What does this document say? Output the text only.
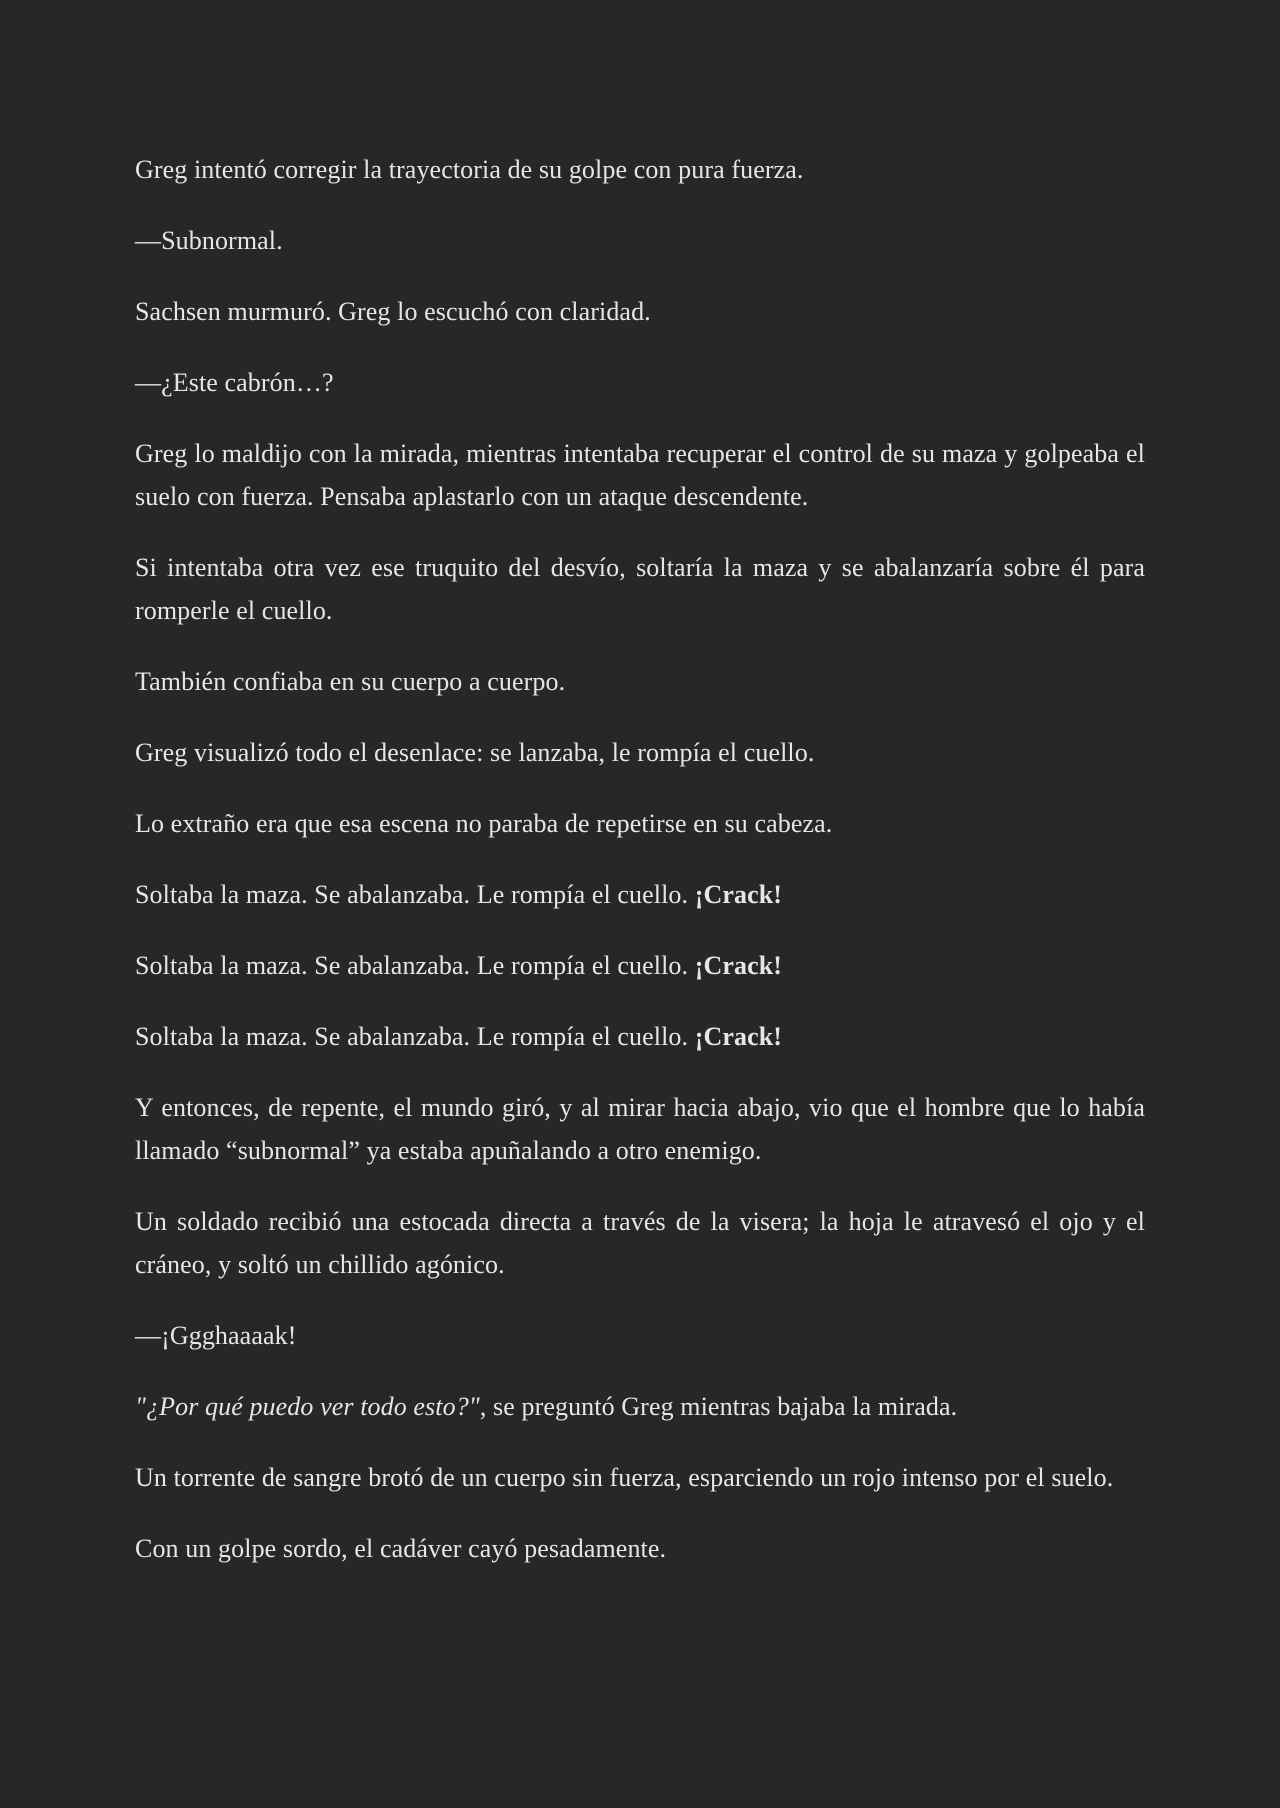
Greg intentó corregir la trayectoria de su golpe con pura fuerza.

—Subnormal.

Sachsen murmuró. Greg lo escuchó con claridad.

—¿Este cabrón…?

Greg lo maldijo con la mirada, mientras intentaba recuperar el control de su maza y golpeaba el suelo con fuerza. Pensaba aplastarlo con un ataque descendente.

Si intentaba otra vez ese truquito del desvío, soltaría la maza y se abalanzaría sobre él para romperle el cuello.

También confiaba en su cuerpo a cuerpo.

Greg visualizó todo el desenlace: se lanzaba, le rompía el cuello.

Lo extraño era que esa escena no paraba de repetirse en su cabeza.

Soltaba la maza. Se abalanzaba. Le rompía el cuello. ¡Crack!

Soltaba la maza. Se abalanzaba. Le rompía el cuello. ¡Crack!

Soltaba la maza. Se abalanzaba. Le rompía el cuello. ¡Crack!

Y entonces, de repente, el mundo giró, y al mirar hacia abajo, vio que el hombre que lo había llamado “subnormal” ya estaba apuñalando a otro enemigo.

Un soldado recibió una estocada directa a través de la visera; la hoja le atravesó el ojo y el cráneo, y soltó un chillido agónico.

—¡Ggghaaaak!

"¿Por qué puedo ver todo esto?", se preguntó Greg mientras bajaba la mirada.

Un torrente de sangre brotó de un cuerpo sin fuerza, esparciendo un rojo intenso por el suelo.

Con un golpe sordo, el cadáver cayó pesadamente.
